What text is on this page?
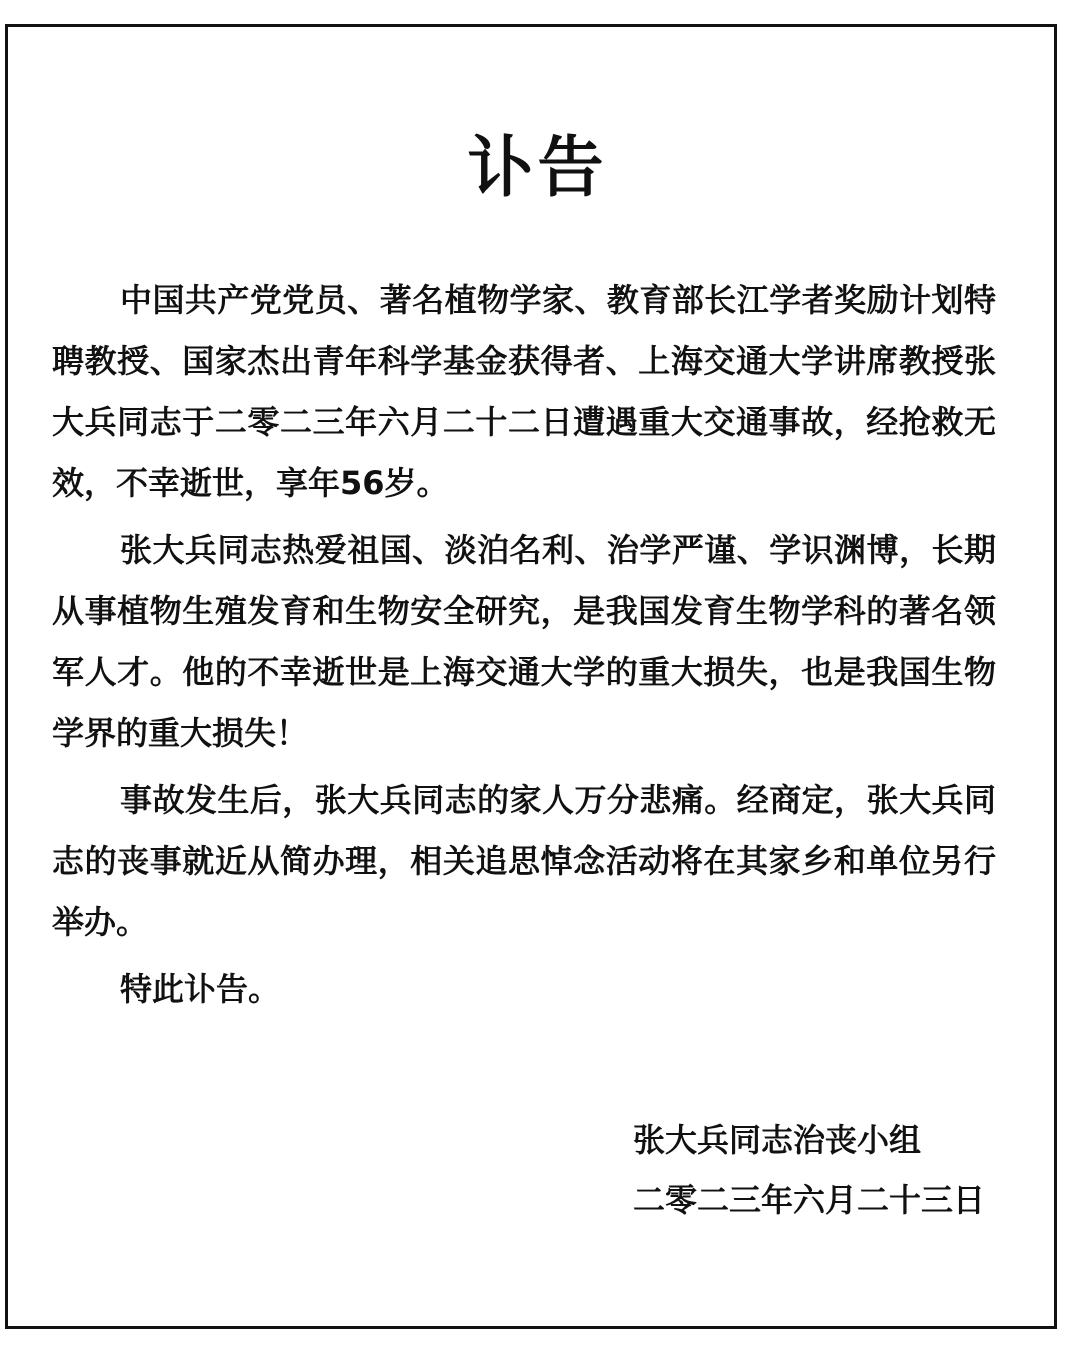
讣告

中国共产党党员、著名植物学家、教育部长江学者奖励计划特聘教授、国家杰出青年科学基金获得者、上海交通大学讲席教授张大兵同志于二零二三年六月二十二日遭遇重大交通事故，经抢救无效，不幸逝世，享年56岁。

张大兵同志热爱祖国、淡泊名利、治学严谨、学识渊博，长期从事植物生殖发育和生物安全研究，是我国发育生物学科的著名领军人才。他的不幸逝世是上海交通大学的重大损失，也是我国生物学界的重大损失！

事故发生后，张大兵同志的家人万分悲痛。经商定，张大兵同志的丧事就近从简办理，相关追思悼念活动将在其家乡和单位另行举办。

特此讣告。

张大兵同志治丧小组
二零二三年六月二十三日
